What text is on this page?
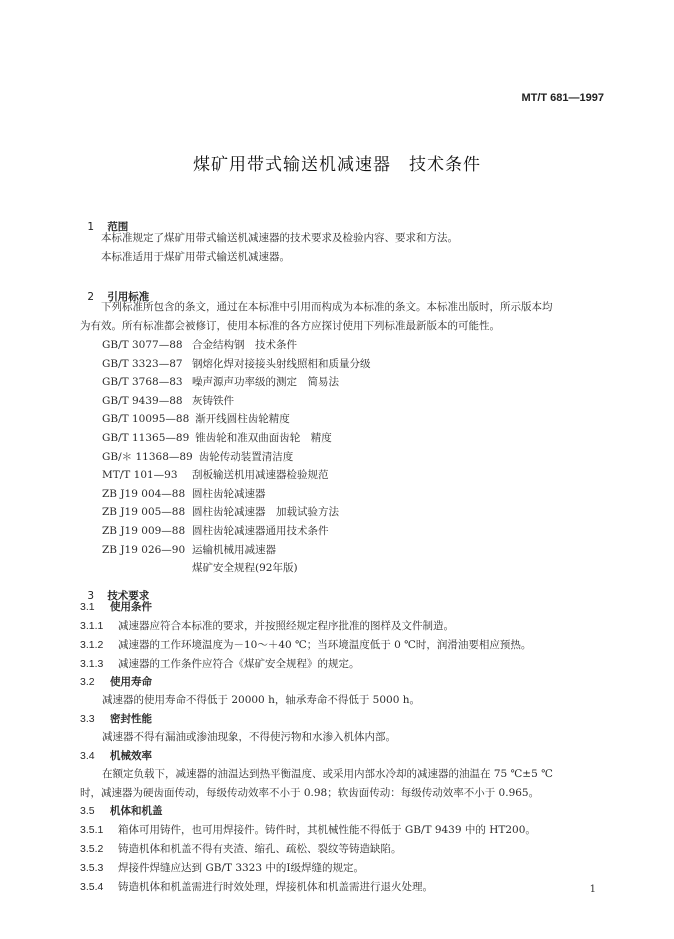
MT/T 681—1997
煤矿用带式输送机减速器　技术条件

1 范围

本标准规定了煤矿用带式输送机减速器的技术要求及检验内容、要求和方法。
本标准适用于煤矿用带式输送机减速器。

2 引用标准

下列标准所包含的条文，通过在本标准中引用而构成为本标准的条文。本标准出版时，所示版本均
为有效。所有标准都会被修订，使用本标准的各方应探讨使用下列标准最新版本的可能性。
GB/T 3077—88 合金结构钢　技术条件
GB/T 3323—87 钢熔化焊对接接头射线照相和质量分级
GB/T 3768—83 噪声源声功率级的测定　简易法
GB/T 9439—88 灰铸铁件
GB/T 10095—88 渐开线圆柱齿轮精度
GB/T 11365—89 锥齿轮和准双曲面齿轮　精度
GB/＊ 11368—89 齿轮传动装置清洁度
MT/T 101—93 刮板输送机用减速器检验规范
ZB J19 004—88 圆柱齿轮减速器
ZB J19 005—88 圆柱齿轮减速器　加载试验方法
ZB J19 009—88 圆柱齿轮减速器通用技术条件
ZB J19 026—90 运输机械用减速器
煤矿安全规程(92年版)

3 技术要求

3.1 使用条件
3.1.1 减速器应符合本标准的要求，并按照经规定程序批准的图样及文件制造。
3.1.2 减速器的工作环境温度为－10～＋40 ℃；当环境温度低于 0 ℃时，润滑油要相应预热。
3.1.3 减速器的工作条件应符合《煤矿安全规程》的规定。
3.2 使用寿命
减速器的使用寿命不得低于 20000 h，轴承寿命不得低于 5000 h。
3.3 密封性能
减速器不得有漏油或渗油现象，不得使污物和水渗入机体内部。
3.4 机械效率
在额定负载下，减速器的油温达到热平衡温度、或采用内部水冷却的减速器的油温在 75 ℃±5 ℃
时，减速器为硬齿面传动，每级传动效率不小于 0.98；软齿面传动：每级传动效率不小于 0.965。
3.5 机体和机盖
3.5.1 箱体可用铸件，也可用焊接件。铸件时，其机械性能不得低于 GB/T 9439 中的 HT200。
3.5.2 铸造机体和机盖不得有夹渣、缩孔、疏松、裂纹等铸造缺陷。
3.5.3 焊接件焊缝应达到 GB/T 3323 中的Ⅰ级焊缝的规定。
3.5.4 铸造机体和机盖需进行时效处理，焊接机体和机盖需进行退火处理。	1
